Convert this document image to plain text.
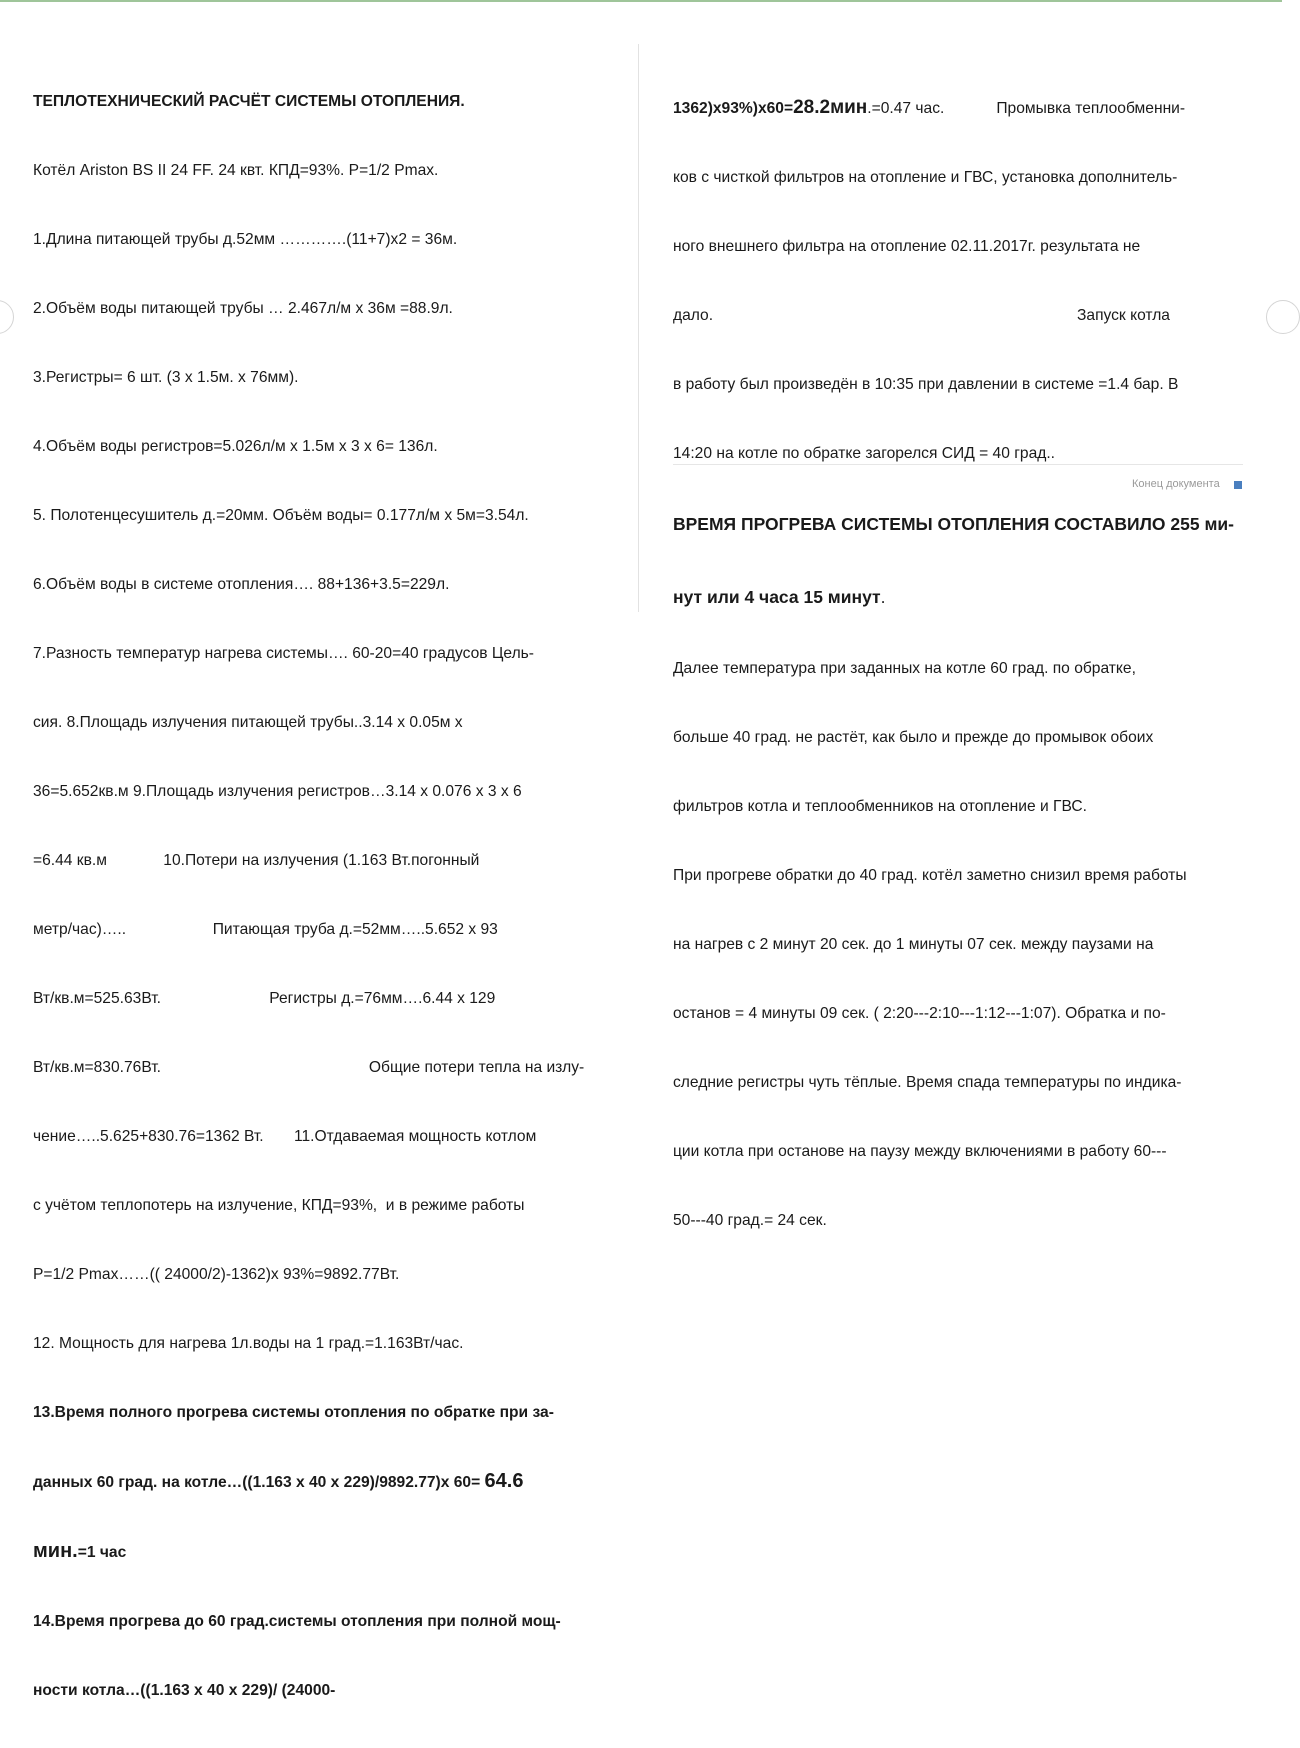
ТЕПЛОТЕХНИЧЕСКИЙ РАСЧЁТ СИСТЕМЫ ОТОПЛЕНИЯ.

Котёл Ariston BS II 24 FF. 24 квт. КПД=93%. Р=1/2 Рmax.

1.Длина питающей трубы д.52мм ………….(11+7)х2 = 36м.

2.Объём воды питающей трубы … 2.467л/м х 36м =88.9л.

3.Регистры= 6 шт. (3 х 1.5м. х 76мм).

4.Объём воды регистров=5.026л/м х 1.5м х 3 х 6= 136л.

5. Полотенцесушитель д.=20мм. Объём воды= 0.177л/м х 5м=3.54л.

6.Объём воды в системе отопления…. 88+136+3.5=229л.

7.Разность температур нагрева системы…. 60-20=40 градусов Цель-

сия. 8.Площадь излучения питающей трубы..3.14 х 0.05м х

36=5.652кв.м 9.Площадь излучения регистров…3.14 х 0.076 х 3 х 6

=6.44 кв.м             10.Потери на излучения (1.163 Вт.погонный

метр/час)…..                    Питающая труба д.=52мм…..5.652 х 93

Вт/кв.м=525.63Вт.                         Регистры д.=76мм….6.44 х 129

Вт/кв.м=830.76Вт.                                                Общие потери тепла на излу-

чение…..5.625+830.76=1362 Вт.       11.Отдаваемая мощность котлом

с учётом теплопотерь на излучение, КПД=93%,  и в режиме работы

Р=1/2 Рmax……(( 24000/2)-1362)х 93%=9892.77Вт.

12. Мощность для нагрева 1л.воды на 1 град.=1.163Вт/час.

13.Время полного прогрева системы отопления по обратке при за-

данных 60 град. на котле…((1.163 х 40 х 229)/9892.77)х 60= 64.6

мин.=1 час

14.Время прогрева до 60 град.системы отопления при полной мощ-

ности котла…((1.163 х 40 х 229)/ (24000-

1362)х93%)х60=28.2мин.=0.47 час.            Промывка теплообменни-

ков с чисткой фильтров на отопление и ГВС, установка дополнитель-

ного внешнего фильтра на отопление 02.11.2017г. результата не

дало.                                                                                    Запуск котла

в работу был произведён в 10:35 при давлении в системе =1.4 бар. В

14:20 на котле по обратке загорелся СИД = 40 град..

ВРЕМЯ ПРОГРЕВА СИСТЕМЫ ОТОПЛЕНИЯ СОСТАВИЛО 255 ми-

нут или 4 часа 15 минут.

Далее температура при заданных на котле 60 град. по обратке,

больше 40 град. не растёт, как было и прежде до промывок обоих

фильтров котла и теплообменников на отопление и ГВС.

При прогреве обратки до 40 град. котёл заметно снизил время работы

на нагрев с 2 минут 20 сек. до 1 минуты 07 сек. между паузами на

останов = 4 минуты 09 сек. ( 2:20---2:10---1:12---1:07). Обратка и по-

следние регистры чуть тёплые. Время спада температуры по индика-

ции котла при останове на паузу между включениями в работу 60---

50---40 град.= 24 сек.

Конец документа
